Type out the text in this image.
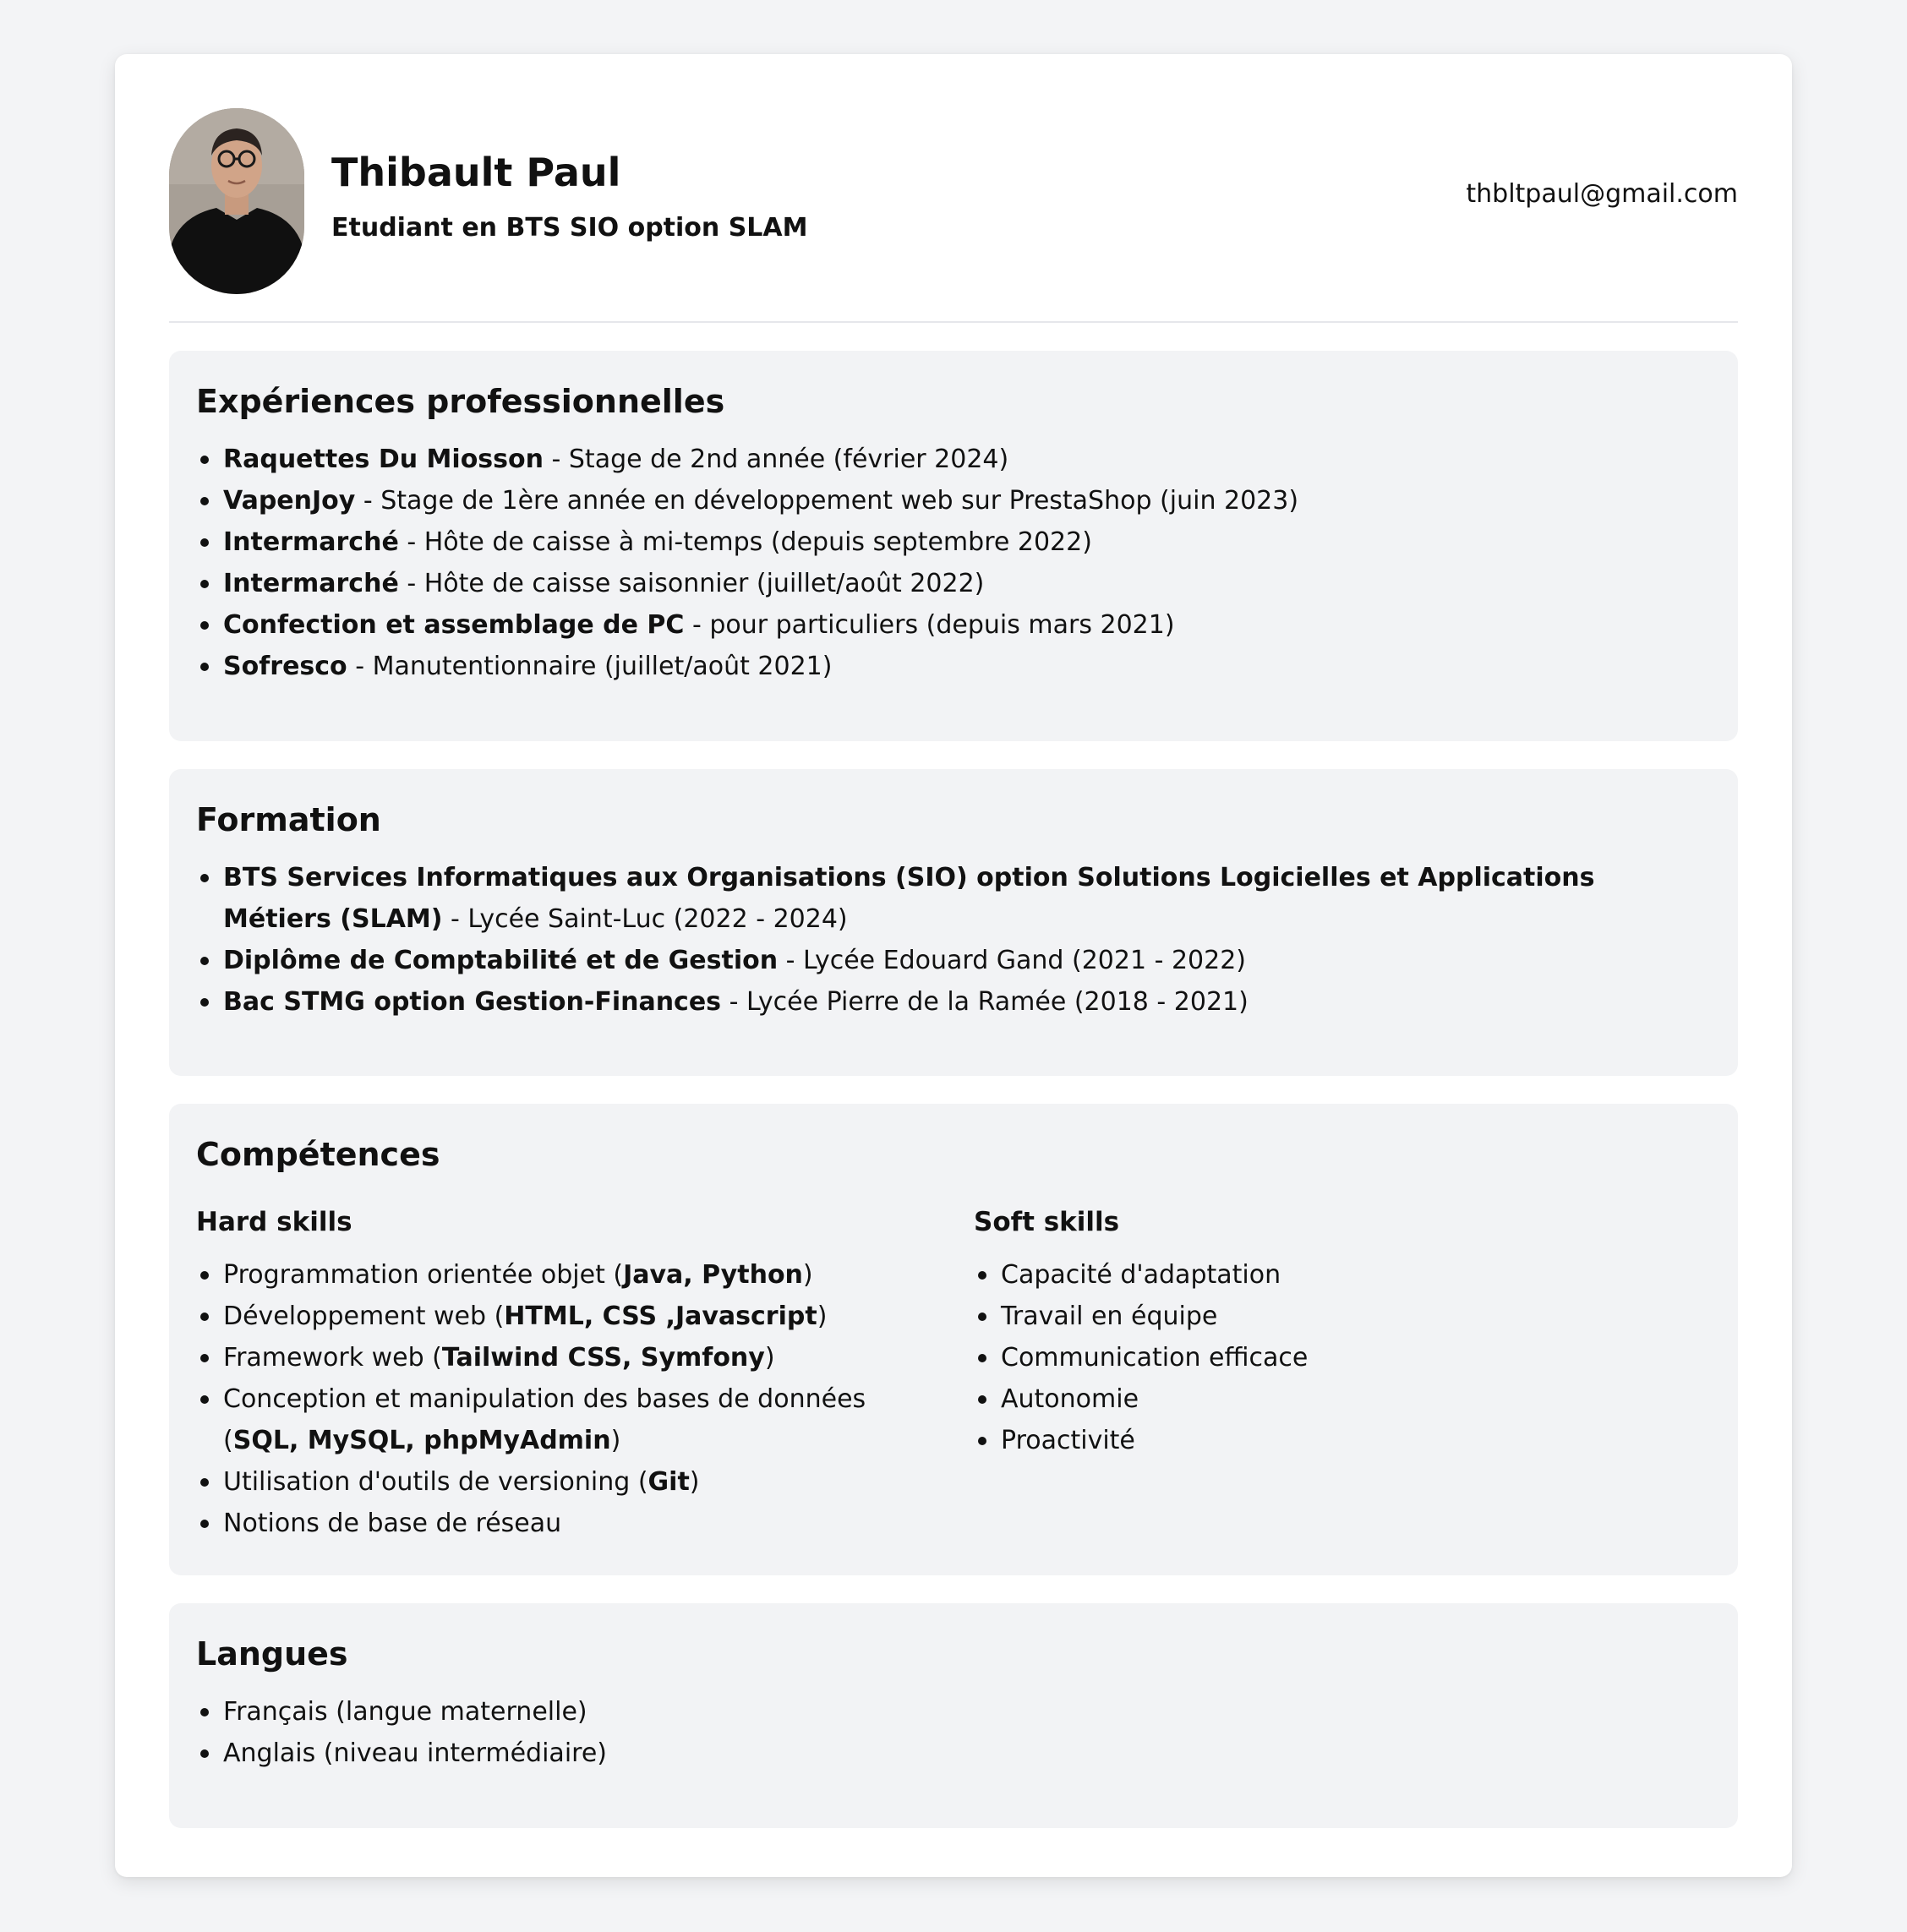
Thibault Paul
Etudiant en BTS SIO option SLAM
thbltpaul@gmail.com
Expériences professionnelles
Raquettes Du Miosson - Stage de 2nd année (février 2024)
VapenJoy - Stage de 1ère année en développement web sur PrestaShop (juin 2023)
Intermarché - Hôte de caisse à mi-temps (depuis septembre 2022)
Intermarché - Hôte de caisse saisonnier (juillet/août 2022)
Confection et assemblage de PC - pour particuliers (depuis mars 2021)
Sofresco - Manutentionnaire (juillet/août 2021)
Formation
BTS Services Informatiques aux Organisations (SIO) option Solutions Logicielles et Applications Métiers (SLAM) - Lycée Saint-Luc (2022 - 2024)
Diplôme de Comptabilité et de Gestion - Lycée Edouard Gand (2021 - 2022)
Bac STMG option Gestion-Finances - Lycée Pierre de la Ramée (2018 - 2021)
Compétences
Hard skills
Programmation orientée objet (Java, Python)
Développement web (HTML, CSS ,Javascript)
Framework web (Tailwind CSS, Symfony)
Conception et manipulation des bases de données (SQL, MySQL, phpMyAdmin)
Utilisation d'outils de versioning (Git)
Notions de base de réseau
Soft skills
Capacité d'adaptation
Travail en équipe
Communication efficace
Autonomie
Proactivité
Langues
Français (langue maternelle)
Anglais (niveau intermédiaire)
